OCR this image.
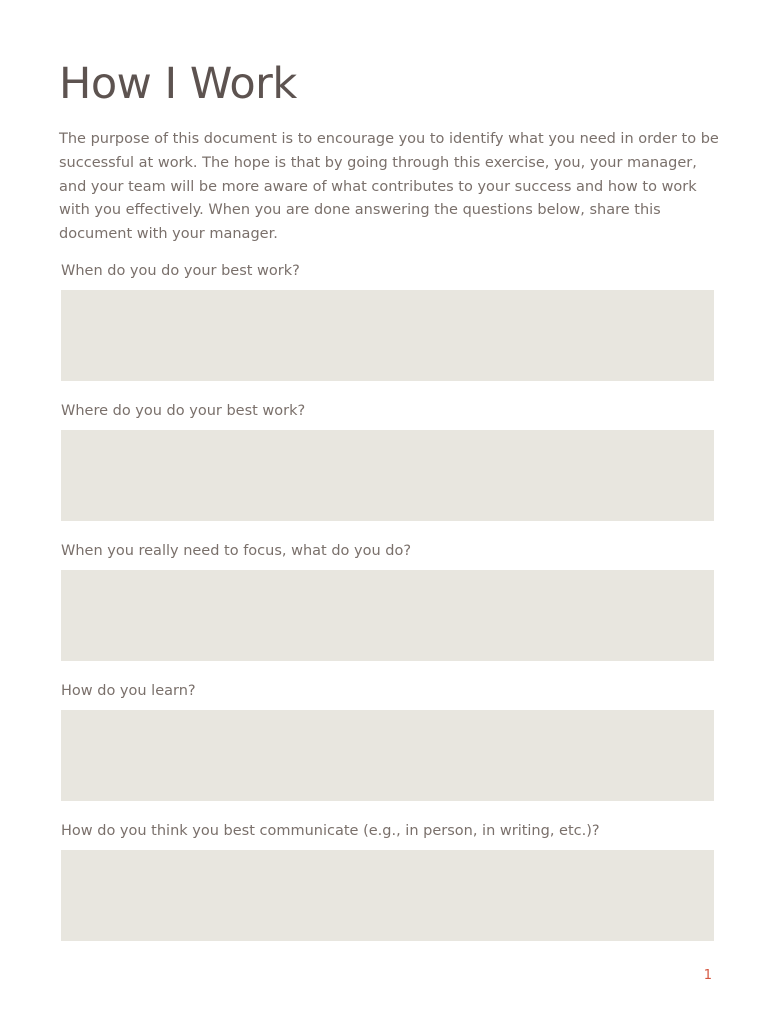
How I Work

The purpose of this document is to encourage you to identify what you need in order to be successful at work. The hope is that by going through this exercise, you, your manager, and your team will be more aware of what contributes to your success and how to work with you effectively. When you are done answering the questions below, share this document with your manager.

When do you do your best work?

Where do you do your best work?

When you really need to focus, what do you do?

How do you learn?

How do you think you best communicate (e.g., in person, in writing, etc.)?

1
